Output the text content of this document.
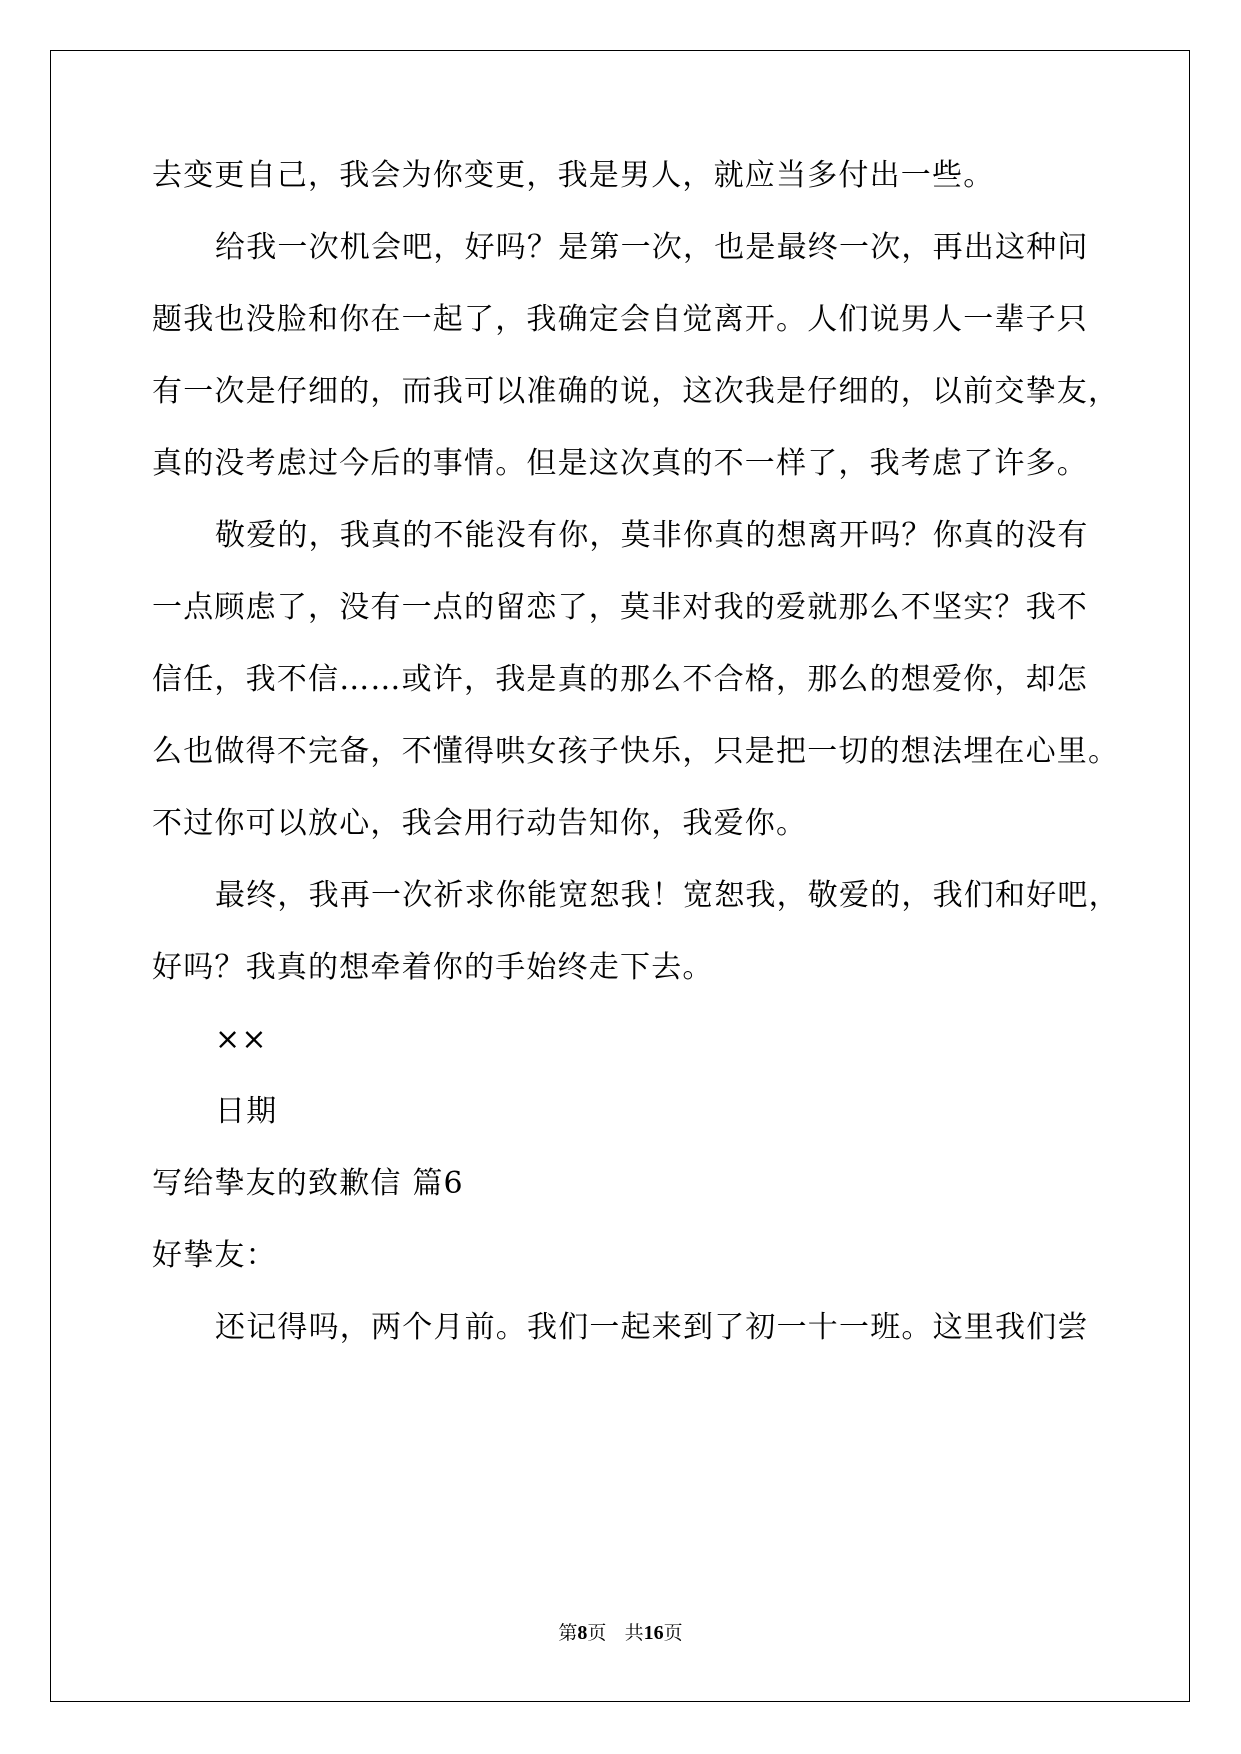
去变更自己，我会为你变更，我是男人，就应当多付出一些。
给我一次机会吧，好吗？是第一次，也是最终一次，再出这种问
题我也没脸和你在一起了，我确定会自觉离开。人们说男人一辈子只
有一次是仔细的，而我可以准确的说，这次我是仔细的，以前交挚友，
真的没考虑过今后的事情。但是这次真的不一样了，我考虑了许多。
敬爱的，我真的不能没有你，莫非你真的想离开吗？你真的没有
一点顾虑了，没有一点的留恋了，莫非对我的爱就那么不坚实？我不
信任，我不信……或许，我是真的那么不合格，那么的想爱你，却怎
么也做得不完备，不懂得哄女孩子快乐，只是把一切的想法埋在心里。
不过你可以放心，我会用行动告知你，我爱你。
最终，我再一次祈求你能宽恕我！宽恕我，敬爱的，我们和好吧，
好吗？我真的想牵着你的手始终走下去。
××
日期
写给挚友的致歉信 篇6
好挚友：
还记得吗，两个月前。我们一起来到了初一十一班。这里我们尝
第8页 共16页
